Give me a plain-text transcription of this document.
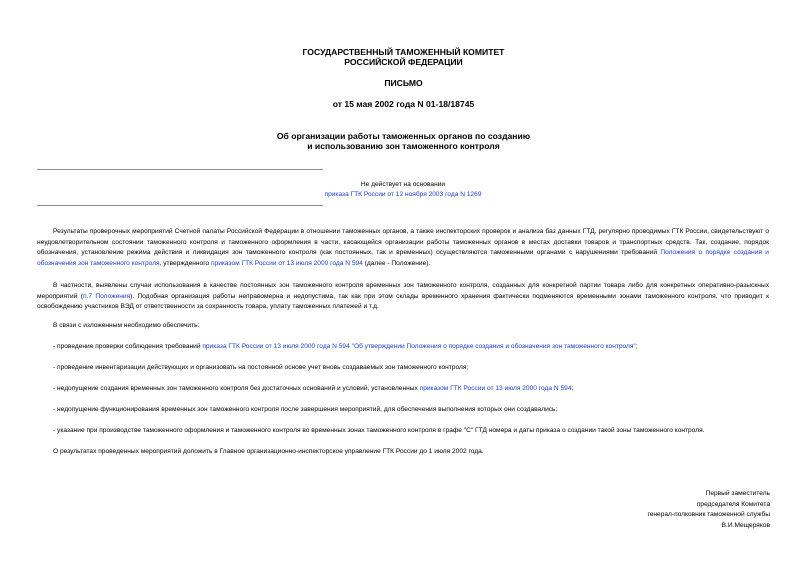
ГОСУДАРСТВЕННЫЙ ТАМОЖЕННЫЙ КОМИТЕТ
РОССИЙСКОЙ ФЕДЕРАЦИИ
ПИСЬМО
от 15 мая 2002 года N 01-18/18745
Об организации работы таможенных органов по созданию
и использованию зон таможенного контроля
Не действует на основании
приказа ГТК России от 12 ноября 2003 года N 1269
Результаты проверочных мероприятий Счетной палаты Российской Федерации в отношении таможенных органов, а также инспекторских проверок и анализа баз данных ГТД, регулярно проводимых ГТК России, свидетельствуют о неудовлетворительном состоянии таможенного контроля и таможенного оформления в части, касающейся организации работы таможенных органов в местах доставки товаров и транспортных средств. Так, создание, порядок обозначения, установление режима действия и ликвидация зон таможенного контроля (как постоянных, так и временных) осуществляются таможенными органами с нарушениями требований Положения о порядке создания и обозначения зон таможенного контроля, утвержденного приказом ГТК России от 13 июля 2000 года N 594 (далее - Положение).
В частности, выявлены случаи использования в качестве постоянных зон таможенного контроля временных зон таможенного контроля, созданных для конкретной партии товара либо для конкретных оперативно-разыскных мероприятий (п.7 Положения). Подобная организация работы неправомерна и недопустима, так как при этом склады временного хранения фактически подменяются временными зонами таможенного контроля, что приводит к освобождению участников ВЭД от ответственности за сохранность товара, уплату таможенных платежей и т.д.
В связи с изложенным необходимо обеспечить:
- проведение проверки соблюдения требований приказа ГТК России от 13 июля 2000 года N 594 "Об утверждении Положения о порядке создания и обозначения зон таможенного контроля";
- проведение инвентаризации действующих и организовать на постоянной основе учет вновь создаваемых зон таможенного контроля;
- недопущение создания временных зон таможенного контроля без достаточных оснований и условий, установленных приказом ГТК России от 13 июля 2000 года N 594;
- недопущение функционирования временных зон таможенного контроля после завершения мероприятий, для обеспечения выполнения которых они создавались;
- указание при производстве таможенного оформления и таможенного контроля во временных зонах таможенного контроля в графе "С" ГТД номера и даты приказа о создании такой зоны таможенного контроля.
О результатах проведенных мероприятий доложить в Главное организационно-инспекторское управление ГТК России до 1 июля 2002 года.
Первый заместитель
председателя Комитета
генерал-полковник таможенной службы
В.И.Мещеряков
